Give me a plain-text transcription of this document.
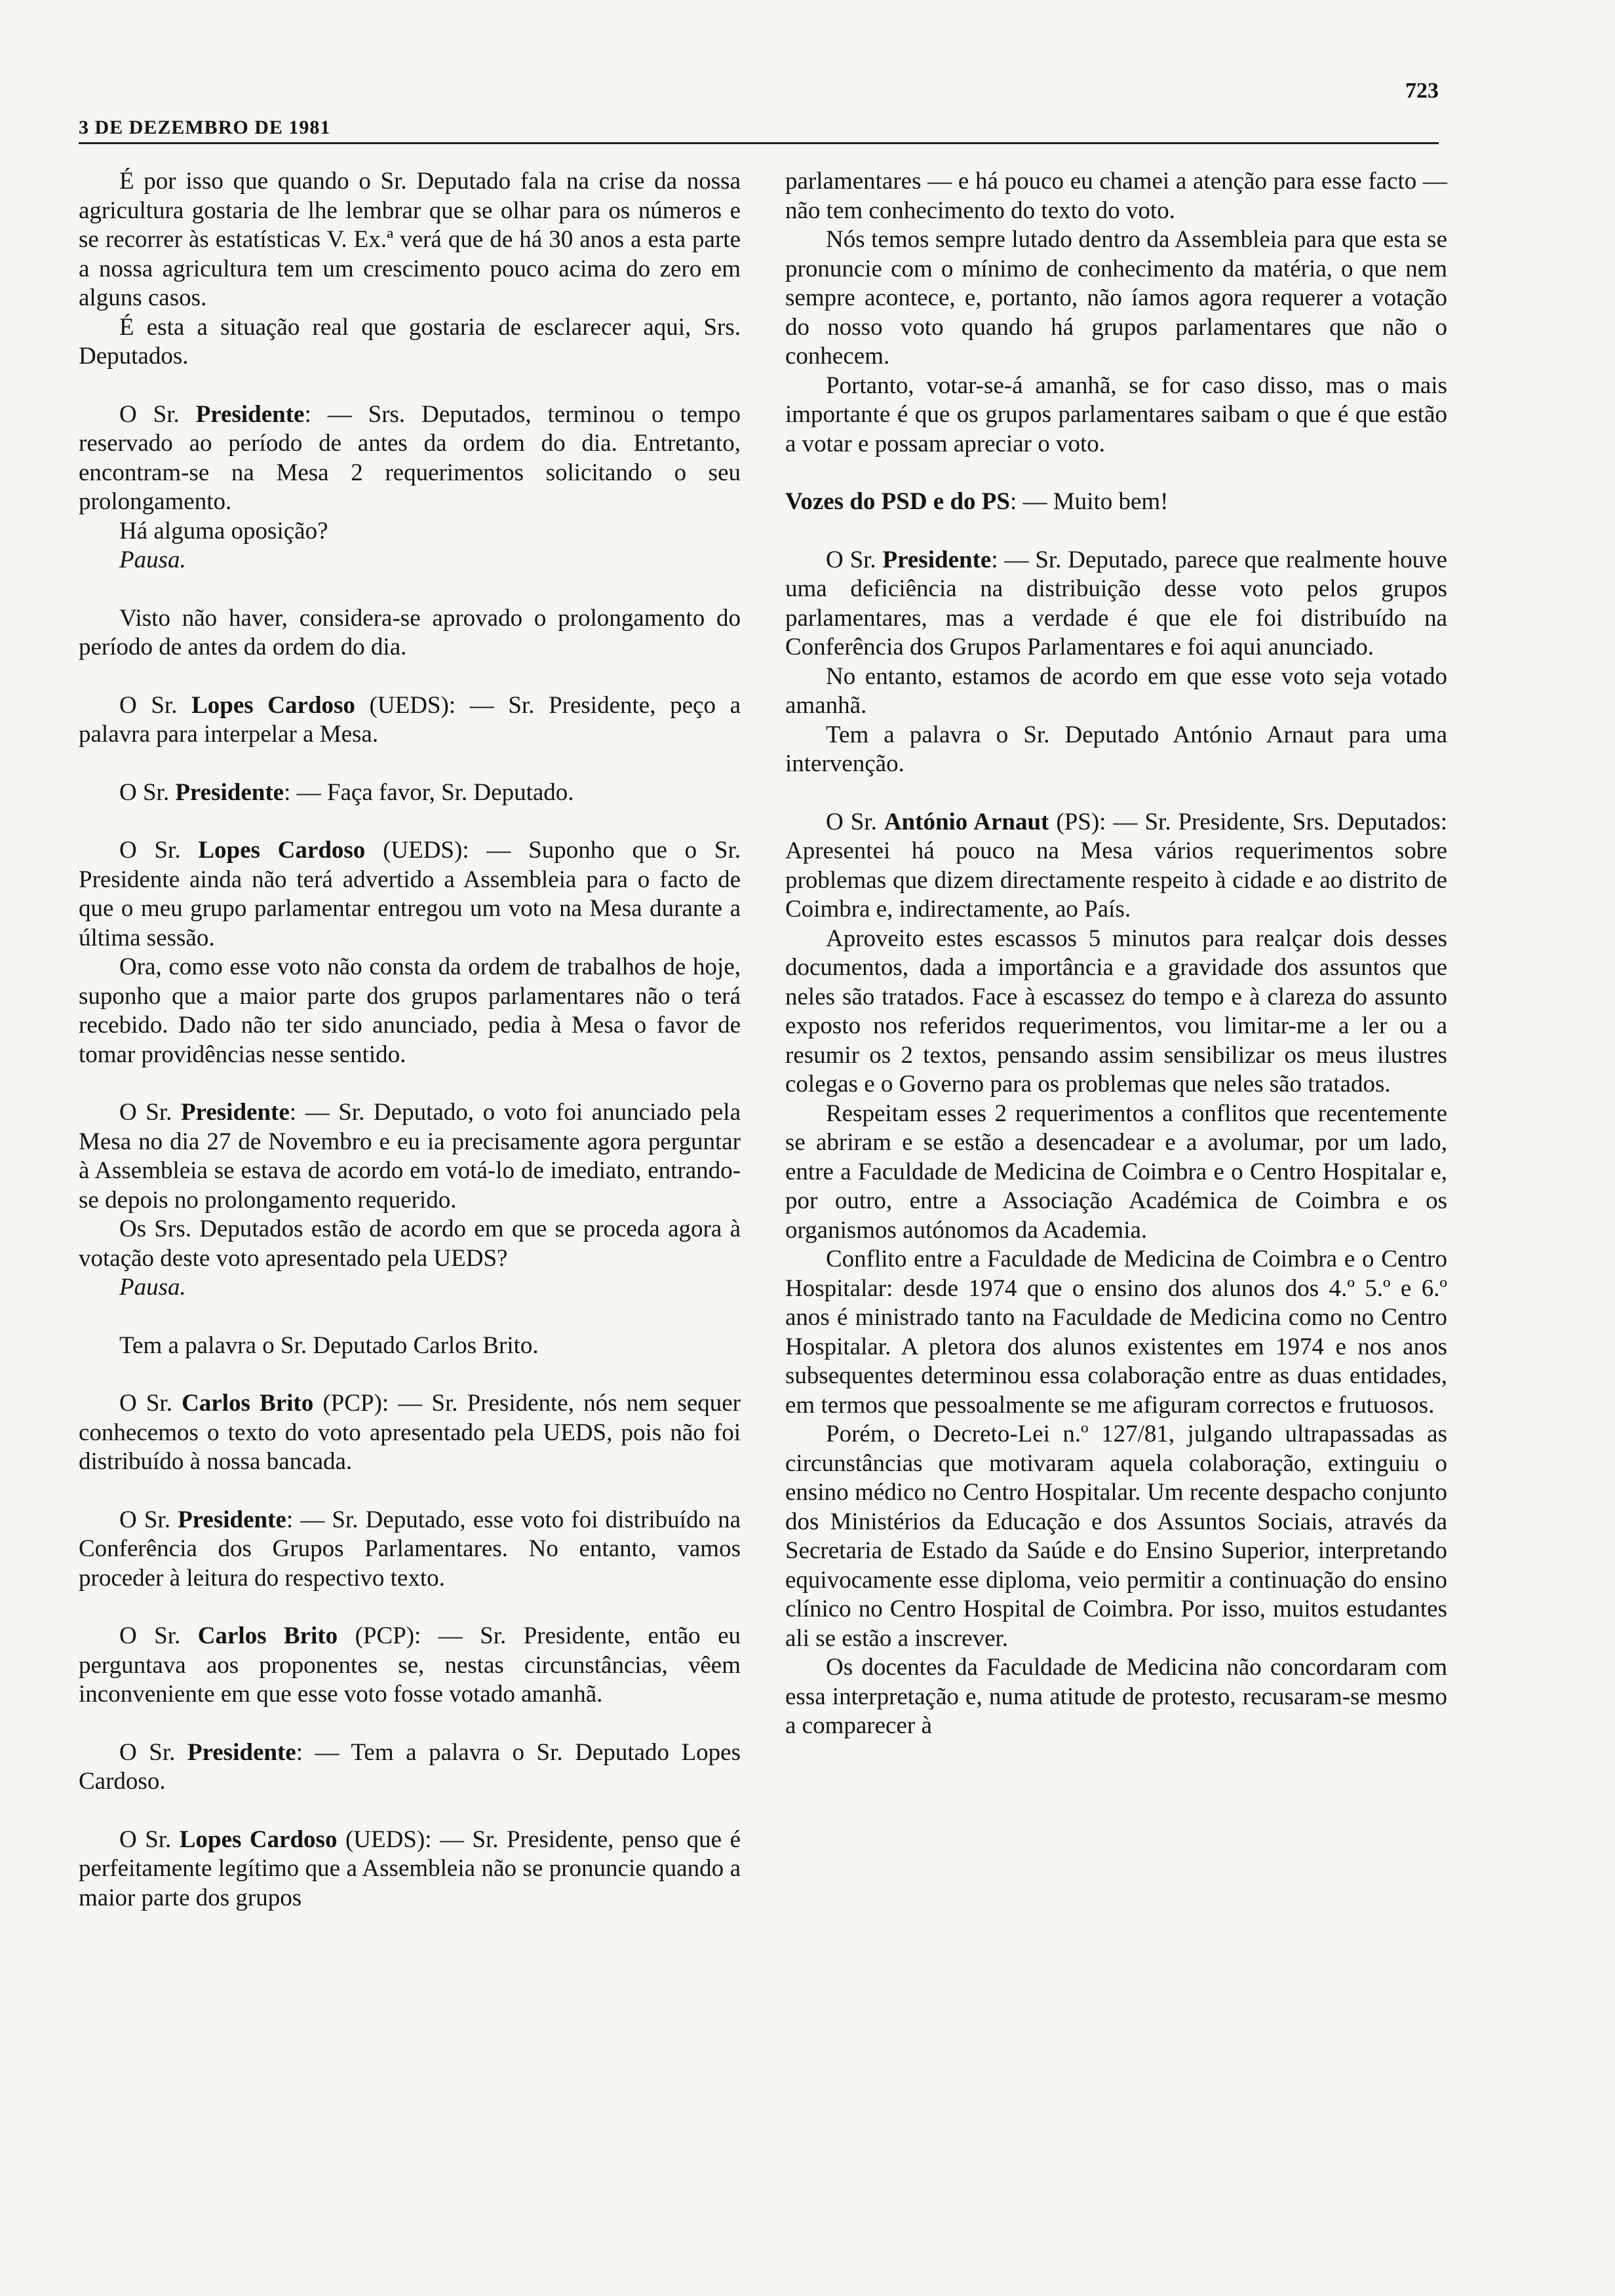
3 DE DEZEMBRO DE 1981
723

É por isso que quando o Sr. Deputado fala na crise da nossa agricultura gostaria de lhe lembrar que se olhar para os números e se recorrer às estatísticas V. Ex.ª verá que de há 30 anos a esta parte a nossa agricultura tem um crescimento pouco acima do zero em alguns casos.

É esta a situação real que gostaria de esclarecer aqui, Srs. Deputados.

O Sr. Presidente: — Srs. Deputados, terminou o tempo reservado ao período de antes da ordem do dia. Entretanto, encontram-se na Mesa 2 requerimentos solicitando o seu prolongamento.

Há alguma oposição?

Pausa.

Visto não haver, considera-se aprovado o prolongamento do período de antes da ordem do dia.

O Sr. Lopes Cardoso (UEDS): — Sr. Presidente, peço a palavra para interpelar a Mesa.

O Sr. Presidente: — Faça favor, Sr. Deputado.

O Sr. Lopes Cardoso (UEDS): — Suponho que o Sr. Presidente ainda não terá advertido a Assembleia para o facto de que o meu grupo parlamentar entregou um voto na Mesa durante a última sessão.

Ora, como esse voto não consta da ordem de trabalhos de hoje, suponho que a maior parte dos grupos parlamentares não o terá recebido. Dado não ter sido anunciado, pedia à Mesa o favor de tomar providências nesse sentido.

O Sr. Presidente: — Sr. Deputado, o voto foi anunciado pela Mesa no dia 27 de Novembro e eu ia precisamente agora perguntar à Assembleia se estava de acordo em votá-lo de imediato, entrando-se depois no prolongamento requerido.

Os Srs. Deputados estão de acordo em que se proceda agora à votação deste voto apresentado pela UEDS?

Pausa.

Tem a palavra o Sr. Deputado Carlos Brito.

O Sr. Carlos Brito (PCP): — Sr. Presidente, nós nem sequer conhecemos o texto do voto apresentado pela UEDS, pois não foi distribuído à nossa bancada.

O Sr. Presidente: — Sr. Deputado, esse voto foi distribuído na Conferência dos Grupos Parlamentares. No entanto, vamos proceder à leitura do respectivo texto.

O Sr. Carlos Brito (PCP): — Sr. Presidente, então eu perguntava aos proponentes se, nestas circunstâncias, vêem inconveniente em que esse voto fosse votado amanhã.

O Sr. Presidente: — Tem a palavra o Sr. Deputado Lopes Cardoso.

O Sr. Lopes Cardoso (UEDS): — Sr. Presidente, penso que é perfeitamente legítimo que a Assembleia não se pronuncie quando a maior parte dos grupos

parlamentares — e há pouco eu chamei a atenção para esse facto — não tem conhecimento do texto do voto.

Nós temos sempre lutado dentro da Assembleia para que esta se pronuncie com o mínimo de conhecimento da matéria, o que nem sempre acontece, e, portanto, não íamos agora requerer a votação do nosso voto quando há grupos parlamentares que não o conhecem.

Portanto, votar-se-á amanhã, se for caso disso, mas o mais importante é que os grupos parlamentares saibam o que é que estão a votar e possam apreciar o voto.

Vozes do PSD e do PS: — Muito bem!

O Sr. Presidente: — Sr. Deputado, parece que realmente houve uma deficiência na distribuição desse voto pelos grupos parlamentares, mas a verdade é que ele foi distribuído na Conferência dos Grupos Parlamentares e foi aqui anunciado.

No entanto, estamos de acordo em que esse voto seja votado amanhã.

Tem a palavra o Sr. Deputado António Arnaut para uma intervenção.

O Sr. António Arnaut (PS): — Sr. Presidente, Srs. Deputados: Apresentei há pouco na Mesa vários requerimentos sobre problemas que dizem directamente respeito à cidade e ao distrito de Coimbra e, indirectamente, ao País.

Aproveito estes escassos 5 minutos para realçar dois desses documentos, dada a importância e a gravidade dos assuntos que neles são tratados. Face à escassez do tempo e à clareza do assunto exposto nos referidos requerimentos, vou limitar-me a ler ou a resumir os 2 textos, pensando assim sensibilizar os meus ilustres colegas e o Governo para os problemas que neles são tratados.

Respeitam esses 2 requerimentos a conflitos que recentemente se abriram e se estão a desencadear e a avolumar, por um lado, entre a Faculdade de Medicina de Coimbra e o Centro Hospitalar e, por outro, entre a Associação Académica de Coimbra e os organismos autónomos da Academia.

Conflito entre a Faculdade de Medicina de Coimbra e o Centro Hospitalar: desde 1974 que o ensino dos alunos dos 4.º 5.º e 6.º anos é ministrado tanto na Faculdade de Medicina como no Centro Hospitalar. A pletora dos alunos existentes em 1974 e nos anos subsequentes determinou essa colaboração entre as duas entidades, em termos que pessoalmente se me afiguram correctos e frutuosos.

Porém, o Decreto-Lei n.º 127/81, julgando ultrapassadas as circunstâncias que motivaram aquela colaboração, extinguiu o ensino médico no Centro Hospitalar. Um recente despacho conjunto dos Ministérios da Educação e dos Assuntos Sociais, através da Secretaria de Estado da Saúde e do Ensino Superior, interpretando equivocamente esse diploma, veio permitir a continuação do ensino clínico no Centro Hospital de Coimbra. Por isso, muitos estudantes ali se estão a inscrever.

Os docentes da Faculdade de Medicina não concordaram com essa interpretação e, numa atitude de protesto, recusaram-se mesmo a comparecer à
